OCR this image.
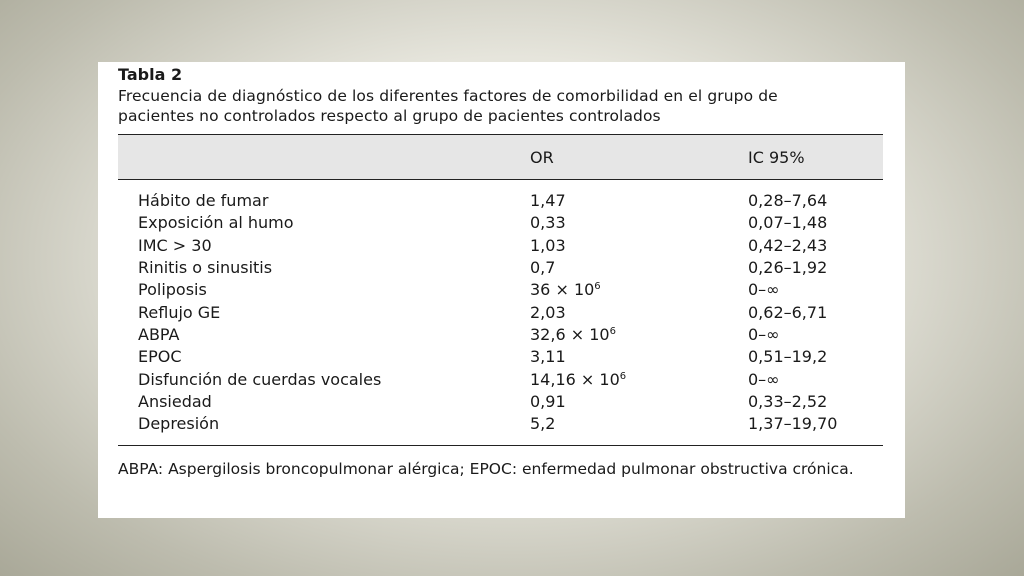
Tabla 2
Frecuencia de diagnóstico de los diferentes factores de comorbilidad en el grupo de
pacientes no controlados respecto al grupo de pacientes controlados
	OR	IC 95%
Hábito de fumar	1,47	0,28–7,64
Exposición al humo	0,33	0,07–1,48
IMC > 30	1,03	0,42–2,43
Rinitis o sinusitis	0,7	0,26–1,92
Poliposis	$36 \times 10^6$	0–∞
Reflujo GE	2,03	0,62–6,71
ABPA	$32,6 \times 10^6$	0–∞
EPOC	3,11	0,51–19,2
Disfunción de cuerdas vocales	$14,16 \times 10^6$	0–∞
Ansiedad	0,91	0,33–2,52
Depresión	5,2	1,37–19,70
ABPA: Aspergilosis broncopulmonar alérgica; EPOC: enfermedad pulmonar obstructiva crónica.
